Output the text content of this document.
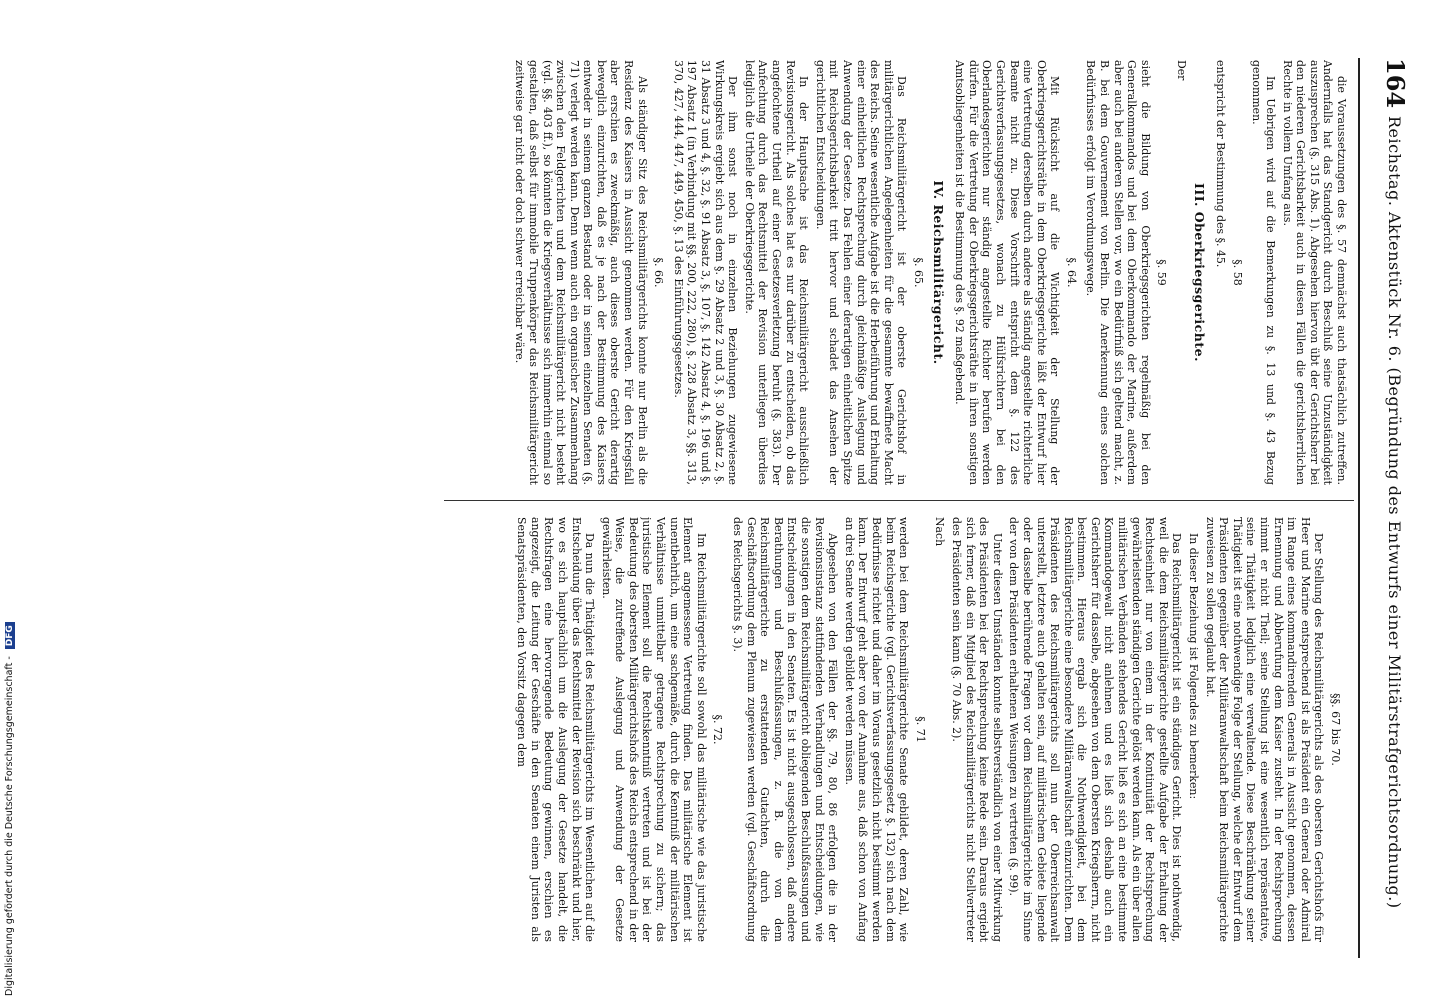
164
Reichstag. Aktenstück Nr. 6. (Begründung des Entwurfs einer Militärstrafgerichtsordnung.)

die Voraussetzungen des §. 57 demnächst auch thatsächlich zutreffen. Andernfalls hat das Standgericht durch Beschluß seine Unzuständigkeit auszusprechen (§. 315 Abs. 1). Abgesehen hiervon übt der Gerichtsherr bei den niederen Gerichtsbarkeit auch in diesen Fällen die gerichtsherrlichen Rechte in vollem Umfang aus.

Im Uebrigen wird auf die Bemerkungen zu §. 13 und §. 43 Bezug genommen.

§. 58

entspricht der Bestimmung des §. 45.

III. Oberkriegsgerichte.

Der

§. 59

sieht die Bildung von Oberkriegsgerichten regelmäßig bei den Generalkommandos und bei dem Oberkommando der Marine, außerdem aber auch bei anderen Stellen vor, wo ein Bedürfniß sich geltend macht, z. B. bei dem Gouvernement von Berlin. Die Anerkennung eines solchen Bedürfnisses erfolgt im Verordnungswege.

§. 64.

Mit Rücksicht auf die Wichtigkeit der Stellung der Oberkriegsgerichtsräthe in dem Oberkriegsgerichte läßt der Entwurf hier eine Vertretung derselben durch andere als ständig angestellte richterliche Beamte nicht zu. Diese Vorschrift entspricht dem §. 122 des Gerichtsverfassungsgesetzes, wonach zu Hülfsrichtern bei den Oberlandesgerichten nur ständig angestellte Richter berufen werden dürfen. Für die Vertretung der Oberkriegsgerichtsräthe in ihren sonstigen Amtsobliegenheiten ist die Bestimmung des §. 92 maßgebend.

IV. Reichsmilitärgericht.
§. 65.

Das Reichsmilitärgericht ist der oberste Gerichtshof in militärgerichtlichen Angelegenheiten für die gesammte bewaffnete Macht des Reichs. Seine wesentliche Aufgabe ist die Herbeiführung und Erhaltung einer einheitlichen Rechtsprechung durch gleichmäßige Auslegung und Anwendung der Gesetze. Das Fehlen einer derartigen einheitlichen Spitze mit Reichsgerichtsbarkeit tritt hervor und schadet das Ansehen der gerichtlichen Entscheidungen.

In der Hauptsache ist das Reichsmilitärgericht ausschließlich Revisionsgericht. Als solches hat es nur darüber zu entscheiden, ob das angefochtene Urtheil auf einer Gesetzesverletzung beruht (§. 383). Der Anfechtung durch das Rechtsmittel der Revision unterliegen überdies lediglich die Urtheile der Oberkriegsgerichte.

Der ihm sonst noch in einzelnen Beziehungen zugewiesene Wirkungskreis ergiebt sich aus dem §. 29 Absatz 2 und 3, §. 30 Absatz 2, §. 31 Absatz 3 und 4, §. 32, §. 91 Absatz 3, §. 107, §. 142 Absatz 4, §. 196 und §. 197 Absatz 1 (in Verbindung mit §§. 200, 222, 280), §. 228 Absatz 3, §§. 313, 370, 427, 444, 447, 449, 450, §. 13 des Einführungsgesetzes.

§. 66.

Als ständiger Sitz des Reichsmilitärgerichts konnte nur Berlin als die Residenz des Kaisers in Aussicht genommen werden. Für den Kriegsfall aber erschien es zweckmäßig, auch dieses oberste Gericht derartig beweglich einzurichten, daß es je nach der Bestimmung des Kaisers entweder in seinem ganzen Bestand oder in seinen einzelnen Senaten (§. 71) verlegt werden kann. Denn wenn auch ein organischer Zusammenhang zwischen den Feldgerichten und dem Reichsmilitärgericht nicht besteht (vgl. §§. 403 ff.), so könnten die Kriegsverhältnisse sich immerhin einmal so gestalten, daß selbst für immobile Truppenkörper das Reichsmilitärgericht zeitweise gar nicht oder doch schwer erreichbar wäre.

§§. 67 bis 70.

Der Stellung des Reichsmilitärgerichts als des obersten Gerichtshofs für Heer und Marine entsprechend ist als Präsident ein General oder Admiral im Range eines kommandirenden Generals in Aussicht genommen, dessen Ernennung und Abberufung dem Kaiser zusteht. In der Rechtsprechung nimmt er nicht Theil; seine Stellung ist eine wesentlich repräsentative, seine Thätigkeit lediglich eine verwaltende. Diese Beschränkung seiner Thätigkeit ist eine nothwendige Folge der Stellung, welche der Entwurf dem Präsidenten gegenüber der Militäranwaltschaft beim Reichsmilitärgerichte zuweisen zu sollen geglaubt hat.

In dieser Beziehung ist Folgendes zu bemerken:

Das Reichsmilitärgericht ist ein ständiges Gericht. Dies ist nothwendig, weil die dem Reichsmilitärgerichte gestellte Aufgabe der Erhaltung der Rechtseinheit nur von einem in der Kontinuität der Rechtsprechung gewährleistenden ständigen Gerichte gelöst werden kann. Als ein über allen militärischen Verbänden stehendes Gericht ließ es sich an eine bestimmte Kommandogewalt nicht anlehnen und es ließ sich deshalb auch ein Gerichtsherr für dasselbe, abgesehen von dem Obersten Kriegsherrn, nicht bestimmen. Hieraus ergab sich die Nothwendigkeit, bei dem Reichsmilitärgerichte eine besondere Militäranwaltschaft einzurichten. Dem Präsidenten des Reichsmilitärgerichts soll nun der Oberreichsanwalt unterstellt, letztere auch gehalten sein, auf militärischem Gebiete liegende oder dasselbe berührende Fragen vor dem Reichsmilitärgerichte im Sinne der von dem Präsidenten erhaltenen Weisungen zu vertreten (§. 99).

Unter diesen Umständen konnte selbstverständlich von einer Mitwirkung des Präsidenten bei der Rechtsprechung keine Rede sein. Daraus ergiebt sich ferner, daß ein Mitglied des Reichsmilitärgerichts nicht Stellvertreter des Präsidenten sein kann (§. 70 Abs. 2).

Nach

§. 71

werden bei dem Reichsmilitärgerichte Senate gebildet, deren Zahl, wie beim Reichsgerichte (vgl. Gerichtsverfassungsgesetz §. 132) sich nach dem Bedürfnisse richtet und daher im Voraus gesetzlich nicht bestimmt werden kann. Der Entwurf geht aber von der Annahme aus, daß schon von Anfang an drei Senate werden gebildet werden müssen.

Abgesehen von den Fällen der §§. 79, 80, 86 erfolgen die in der Revisionsinstanz stattfindenden Verhandlungen und Entscheidungen, wie die sonstigen dem Reichsmilitärgericht obliegenden Beschlußfassungen und Entscheidungen in den Senaten. Es ist nicht ausgeschlossen, daß andere Berathungen und Beschlußfassungen, z. B. die von dem Reichsmilitärgerichte zu erstattenden Gutachten, durch die Geschäftsordnung dem Plenum zugewiesen werden (vgl. Geschäftsordnung des Reichsgerichts §. 3).

§. 72.

Im Reichsmilitärgerichte soll sowohl das militärische wie das juristische Element angemessene Vertretung finden. Das militärische Element ist unentbehrlich, um eine sachgemäße, durch die Kenntniß der militärischen Verhältnisse unmittelbar getragene Rechtsprechung zu sichern; das juristische Element soll die Rechtskenntniß vertreten und ist bei der Bedeutung des obersten Militärgerichtshofs des Reichs entsprechend in der Weise, die zutreffende Auslegung und Anwendung der Gesetze gewährleisten.

Da nun die Thätigkeit des Reichsmilitärgerichts im Wesentlichen auf die Entscheidung über das Rechtsmittel der Revision sich beschränkt und hier, wo es sich hauptsächlich um die Auslegung der Gesetze handelt, die Rechtsfragen eine hervorragende Bedeutung gewinnen, erschien es angezeigt, die Leitung der Geschäfte in den Senaten einem Juristen als Senatspräsidenten, den Vorsitz dagegen dem

Digitalisierung gefördert durch die Deutsche Forschungsgemeinschaft - DFG
